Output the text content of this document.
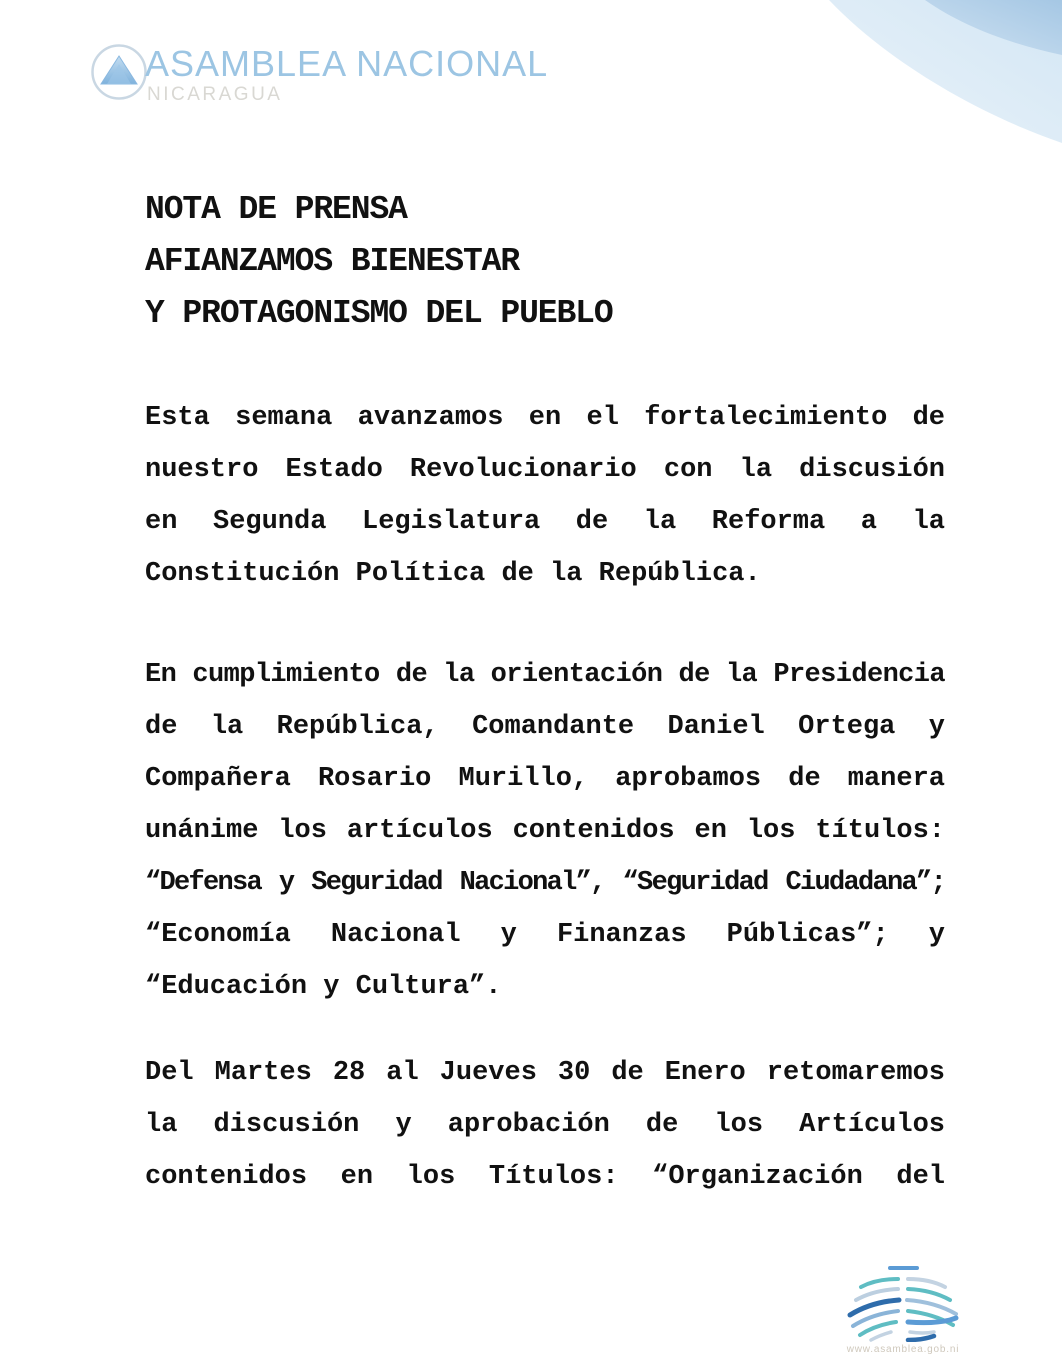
ASAMBLEA NACIONAL
NICARAGUA
NOTA DE PRENSA
AFIANZAMOS BIENESTAR
Y PROTAGONISMO DEL PUEBLO
Esta semana avanzamos en el fortalecimiento de
nuestro Estado Revolucionario con la discusión
en Segunda Legislatura de la Reforma a la
Constitución Política de la República.
En cumplimiento de la orientación de la Presidencia
de la República, Comandante Daniel Ortega y
Compañera Rosario Murillo, aprobamos de manera
unánime los artículos contenidos en los títulos:
“Defensa y Seguridad Nacional”, “Seguridad Ciudadana”;
“Economía Nacional y Finanzas Públicas”; y
“Educación y Cultura”.
Del Martes 28 al Jueves 30 de Enero retomaremos
la discusión y aprobación de los Artículos
contenidos en los Títulos: “Organización del
www.asamblea.gob.ni
